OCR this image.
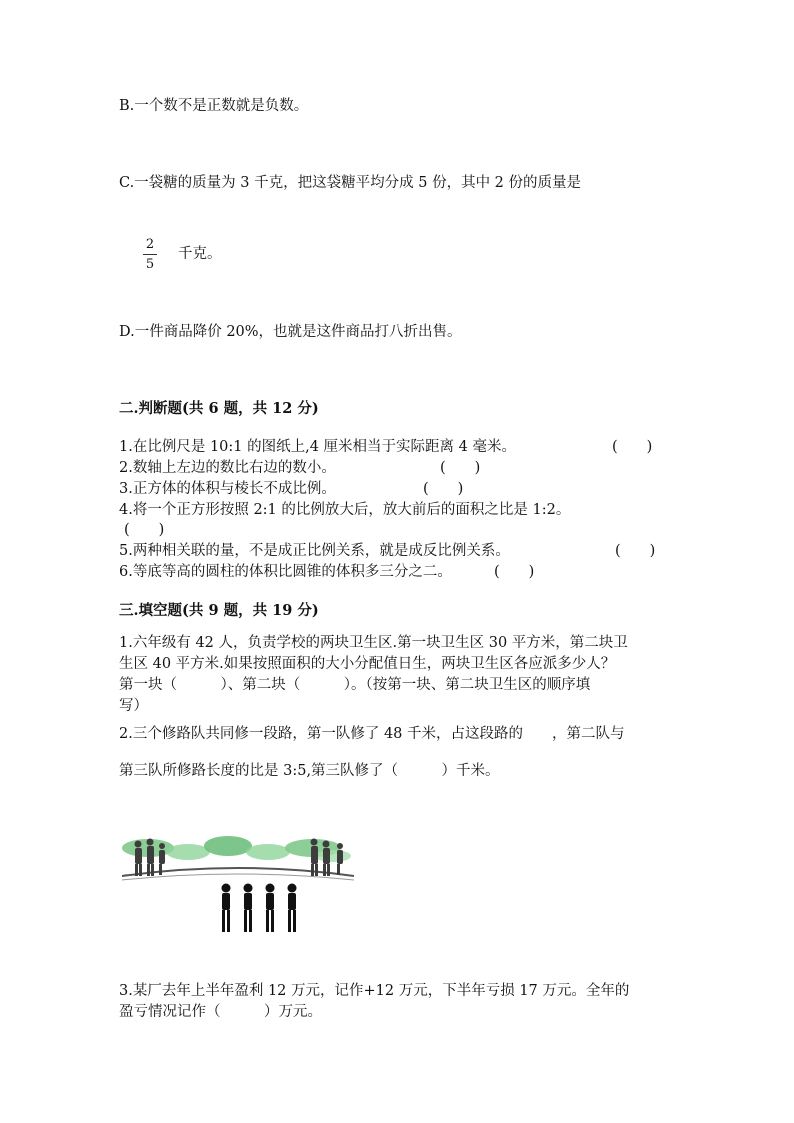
B.一个数不是正数就是负数。
C.一袋糖的质量为 3 千克，把这袋糖平均分成 5 份，其中 2 份的质量是
2
5
千克。
D.一件商品降价 20%，也就是这件商品打八折出售。
二.判断题(共 6 题，共 12 分)
1.在比例尺是 10:1 的图纸上,4 厘米相当于实际距离 4 毫米。	(　　)
2.数轴上左边的数比右边的数小。	(　　)
3.正方体的体积与棱长不成比例。	(　　)
4.将一个正方形按照 2:1 的比例放大后，放大前后的面积之比是 1:2。
(　　)
5.两种相关联的量，不是成正比例关系，就是成反比例关系。	(　　)
6.等底等高的圆柱的体积比圆锥的体积多三分之二。	(　　)
三.填空题(共 9 题，共 19 分)
1.六年级有 42 人，负责学校的两块卫生区.第一块卫生区 30 平方米，第二块卫
生区 40 平方米.如果按照面积的大小分配值日生，两块卫生区各应派多少人？
第一块（　　　）、第二块（　　　）。（按第一块、第二块卫生区的顺序填
写）
2.三个修路队共同修一段路，第一队修了 48 千米，占这段路的　　，第二队与
第三队所修路长度的比是 3:5,第三队修了（　　　）千米。
3.某厂去年上半年盈利 12 万元，记作+12 万元，下半年亏损 17 万元。全年的
盈亏情况记作（　　　）万元。
